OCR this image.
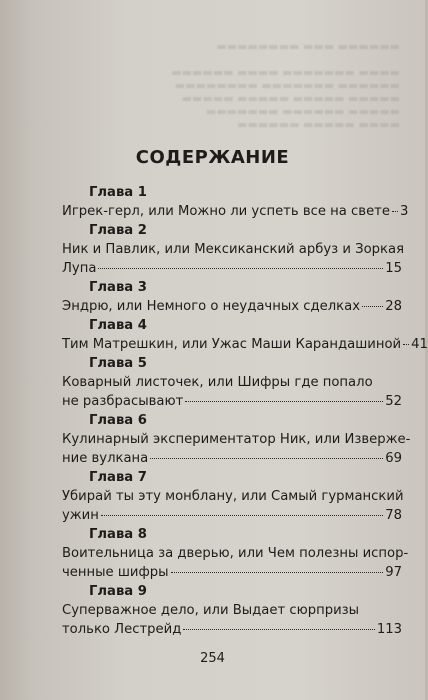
▬▬▬▬▬▬ ▬▬▬ ▬▬▬▬▬▬▬▬

▬▬▬▬ ▬▬▬▬▬▬▬ ▬▬▬▬ ▬▬▬▬▬▬
▬▬▬▬▬▬ ▬▬▬▬▬▬▬ ▬▬▬▬▬▬▬▬
▬▬▬▬▬ ▬▬▬▬▬ ▬▬▬▬▬ ▬▬▬▬▬
▬▬▬▬▬ ▬▬▬▬▬▬ ▬▬▬▬▬▬▬
▬▬▬▬ ▬▬▬▬▬ ▬▬▬▬▬▬
СОДЕРЖАНИЕ
Глава 1
Игрек-герл, или Можно ли успеть все на свете 3
Глава 2
Ник и Павлик, или Мексиканский арбуз и Зоркая
Лупа	15
Глава 3
Эндрю, или Немного о неудачных сделках 28
Глава 4
Тим Матрешкин, или Ужас Маши Карандашиной 41
Глава 5
Коварный листочек, или Шифры где попало
не разбрасывают	52
Глава 6
Кулинарный экспериментатор Ник, или Изверже-
ние вулкана	69
Глава 7
Убирай ты эту монблану, или Самый гурманский
ужин	78
Глава 8
Воительница за дверью, или Чем полезны испор-
ченные шифры	97
Глава 9
Суперважное дело, или Выдает сюрпризы
только Лестрейд	113
254
